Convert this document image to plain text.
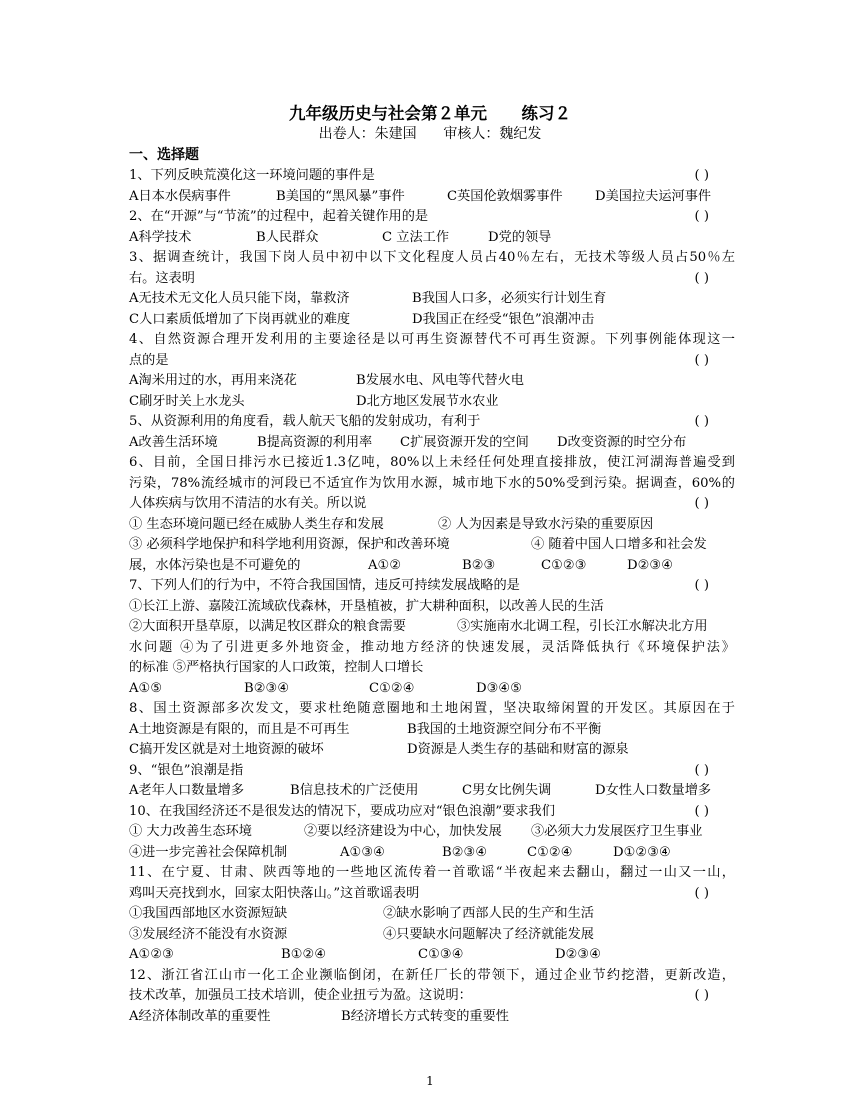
九年级历史与社会第２单元      练习２
出卷人：朱建国      审核人：魏纪发
一、选择题
1、下列反映荒漠化这一环境问题的事件是	( )
A日本水俣病事件	B美国的“黑风暴”事件	C英国伦敦烟雾事件 D美国拉夫运河事件
2、在“开源”与“节流”的过程中，起着关键作用的是	( )
A科学技术	B人民群众	C 立法工作	D党的领导
3、据调查统计，我国下岗人员中初中以下文化程度人员占40％左右，无技术等级人员占50％左
右。这表明	( )
A无技术无文化人员只能下岗，靠救济	B我国人口多，必须实行计划生育
C人口素质低增加了下岗再就业的难度	D我国正在经受“银色”浪潮冲击
4、自然资源合理开发利用的主要途径是以可再生资源替代不可再生资源。下列事例能体现这一
点的是	( )
A淘米用过的水，再用来浇花	B发展水电、风电等代替火电
C刷牙时关上水龙头	D北方地区发展节水农业
5、从资源利用的角度看，载人航天飞船的发射成功，有利于	( )
A改善生活环境	B提高资源的利用率 C扩展资源开发的空间 D改变资源的时空分布
6、目前，全国日排污水已接近1.3亿吨，80%以上未经任何处理直接排放，使江河湖海普遍受到
污染，78%流经城市的河段已不适宜作为饮用水源，城市地下水的50%受到污染。据调查，60%的
人体疾病与饮用不清洁的水有关。所以说	( )
① 生态环境问题已经在威胁人类生存和发展	② 人为因素是导致水污染的重要原因
③ 必须科学地保护和科学地利用资源，保护和改善环境	④ 随着中国人口增多和社会发
展，水体污染也是不可避免的	A①②	B②③	C①②③	D②③④
7、下列人们的行为中，不符合我国国情，违反可持续发展战略的是	( )
①长江上游、嘉陵江流域砍伐森林，开垦植被，扩大耕种面积，以改善人民的生活
②大面积开垦草原，以满足牧区群众的粮食需要	③实施南水北调工程，引长江水解决北方用
水问题 ④为了引进更多外地资金，推动地方经济的快速发展，灵活降低执行《环境保护法》
的标准 ⑤严格执行国家的人口政策，控制人口增长
A①⑤	B②③④	C①②④	D③④⑤
8、国土资源部多次发文，要求杜绝随意圈地和土地闲置，坚决取缔闲置的开发区。其原因在于
A土地资源是有限的，而且是不可再生	B我国的土地资源空间分布不平衡
C搞开发区就是对土地资源的破坏	D资源是人类生存的基础和财富的源泉
9、“银色”浪潮是指	( )
A老年人口数量增多	B信息技术的广泛使用	C男女比例失调	D女性人口数量增多
10、在我国经济还不是很发达的情况下，要成功应对“银色浪潮”要求我们	( )
① 大力改善生态环境	②要以经济建设为中心，加快发展 ③必须大力发展医疗卫生事业
④进一步完善社会保障机制	A①③④	B②③④	C①②④	D①②③④
11、在宁夏、甘肃、陕西等地的一些地区流传着一首歌谣“半夜起来去翻山，翻过一山又一山，
鸡叫天亮找到水，回家太阳快落山。”这首歌谣表明	( )
①我国西部地区水资源短缺	②缺水影响了西部人民的生产和生活
③发展经济不能没有水资源	④只要缺水问题解决了经济就能发展
A①②③	B①②④	C①③④	D②③④
12、浙江省江山市一化工企业濒临倒闭，在新任厂长的带领下，通过企业节约挖潜，更新改造，
技术改革，加强员工技术培训，使企业扭亏为盈。这说明：	( )
A经济体制改革的重要性	B经济增长方式转变的重要性
1
